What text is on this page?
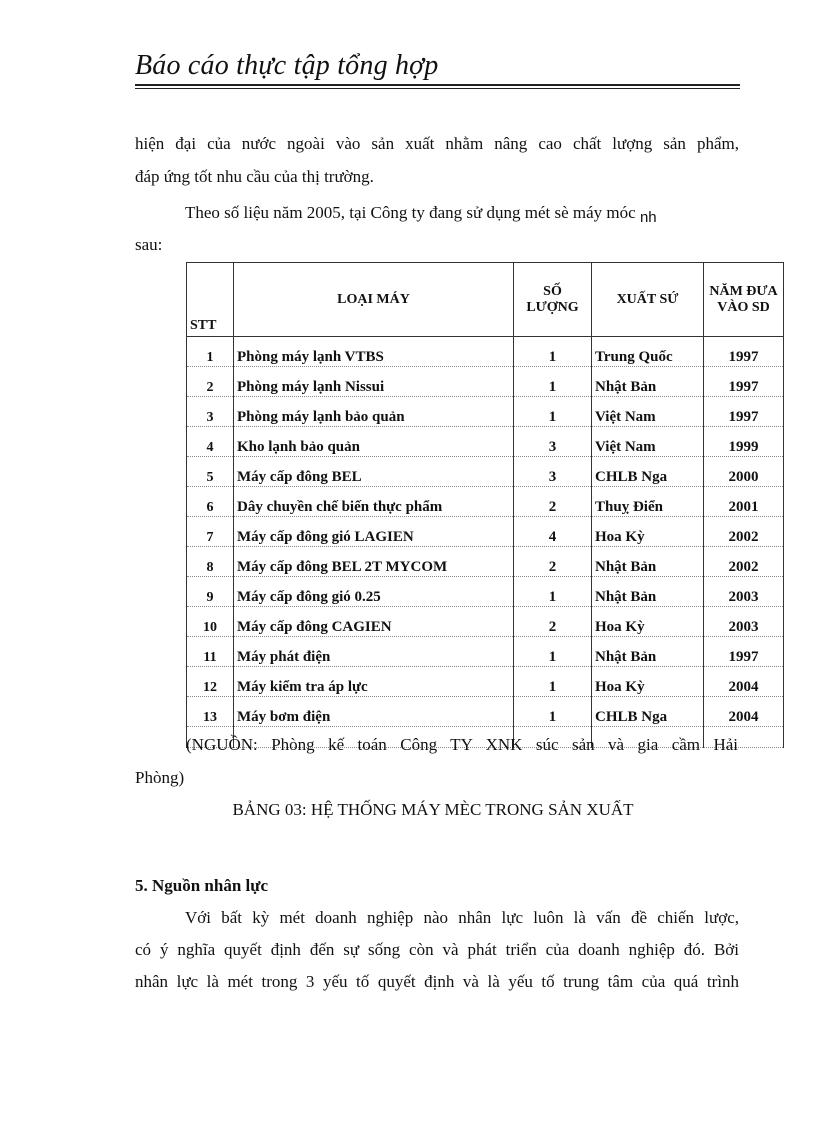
Báo cáo thực tập tổng hợp
hiện đại của nước ngoài vào sản xuất nhằm nâng cao chất lượng sản phẩm,
đáp ứng tốt nhu cầu của thị trường.
Theo số liệu năm 2005, tại Công ty đang sử dụng mét sè máy móc nh
sau:
STT	LOẠI MÁY	SỐ LƯỢNG	XUẤT SỨ	NĂM ĐƯA VÀO SD
1	Phòng máy lạnh VTBS	1	Trung Quốc	1997
2	Phòng máy lạnh Nissui	1	Nhật Bản	1997
3	Phòng máy lạnh bảo quản	1	Việt Nam	1997
4	Kho lạnh bảo quản	3	Việt Nam	1999
5	Máy cấp đông BEL	3	CHLB Nga	2000
6	Dây chuyền chế biến thực phẩm	2	Thuỵ Điển	2001
7	Máy cấp đông gió LAGIEN	4	Hoa Kỳ	2002
8	Máy cấp đông BEL 2T MYCOM	2	Nhật Bản	2002
9	Máy cấp đông gió 0.25	1	Nhật Bản	2003
10	Máy cấp đông CAGIEN	2	Hoa Kỳ	2003
11	Máy phát điện	1	Nhật Bản	1997
12	Máy kiểm tra áp lực	1	Hoa Kỳ	2004
13	Máy bơm điện	1	CHLB Nga	2004

(NGUỒN: Phòng kế toán Công TY XNK súc sản và gia cầm Hải
Phòng)
BẢNG 03: HỆ THỐNG MÁY MÈC TRONG SẢN XUẤT
5. Nguồn nhân lực
Với bất kỳ mét doanh nghiệp nào nhân lực luôn là vấn đề chiến lược,
có ý nghĩa quyết định đến sự sống còn và phát triển của doanh nghiệp đó. Bởi
nhân lực là mét trong 3 yếu tố quyết định và là yếu tố trung tâm của quá trình
